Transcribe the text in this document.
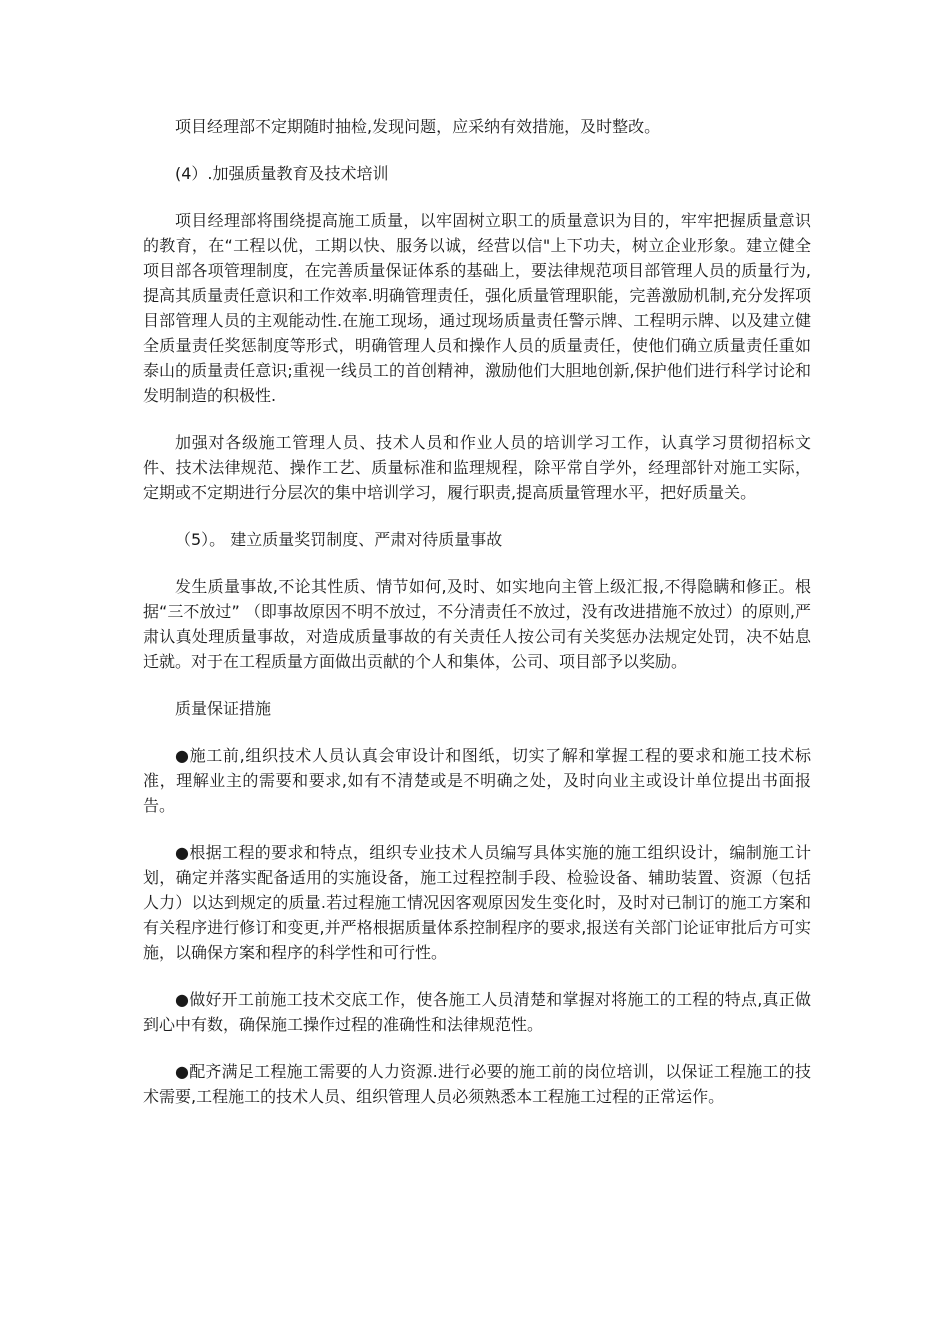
项目经理部不定期随时抽检,发现问题，应采纳有效措施，及时整改。

(4）.加强质量教育及技术培训

项目经理部将围绕提高施工质量，以牢固树立职工的质量意识为目的，牢牢把握质量意识的教育，在“工程以优，工期以快、服务以诚，经营以信"上下功夫，树立企业形象。建立健全项目部各项管理制度，在完善质量保证体系的基础上，要法律规范项目部管理人员的质量行为,提高其质量责任意识和工作效率.明确管理责任，强化质量管理职能，完善激励机制,充分发挥项目部管理人员的主观能动性.在施工现场，通过现场质量责任警示牌、工程明示牌、以及建立健全质量责任奖惩制度等形式，明确管理人员和操作人员的质量责任，使他们确立质量责任重如泰山的质量责任意识;重视一线员工的首创精神，激励他们大胆地创新,保护他们进行科学讨论和发明制造的积极性.

加强对各级施工管理人员、技术人员和作业人员的培训学习工作，认真学习贯彻招标文件、技术法律规范、操作工艺、质量标准和监理规程，除平常自学外，经理部针对施工实际，定期或不定期进行分层次的集中培训学习，履行职责,提高质量管理水平，把好质量关。

（5）。 建立质量奖罚制度、严肃对待质量事故

发生质量事故,不论其性质、情节如何,及时、如实地向主管上级汇报,不得隐瞒和修正。根据“三不放过” （即事故原因不明不放过，不分清责任不放过，没有改进措施不放过）的原则,严肃认真处理质量事故，对造成质量事故的有关责任人按公司有关奖惩办法规定处罚，决不姑息迁就。对于在工程质量方面做出贡献的个人和集体，公司、项目部予以奖励。

质量保证措施

●施工前,组织技术人员认真会审设计和图纸，切实了解和掌握工程的要求和施工技术标准，理解业主的需要和要求,如有不清楚或是不明确之处，及时向业主或设计单位提出书面报告。

●根据工程的要求和特点，组织专业技术人员编写具体实施的施工组织设计，编制施工计划，确定并落实配备适用的实施设备，施工过程控制手段、检验设备、辅助装置、资源（包括人力）以达到规定的质量.若过程施工情况因客观原因发生变化时，及时对已制订的施工方案和有关程序进行修订和变更,并严格根据质量体系控制程序的要求,报送有关部门论证审批后方可实施，以确保方案和程序的科学性和可行性。

●做好开工前施工技术交底工作，使各施工人员清楚和掌握对将施工的工程的特点,真正做到心中有数，确保施工操作过程的准确性和法律规范性。

●配齐满足工程施工需要的人力资源.进行必要的施工前的岗位培训，以保证工程施工的技术需要,工程施工的技术人员、组织管理人员必须熟悉本工程施工过程的正常运作。
